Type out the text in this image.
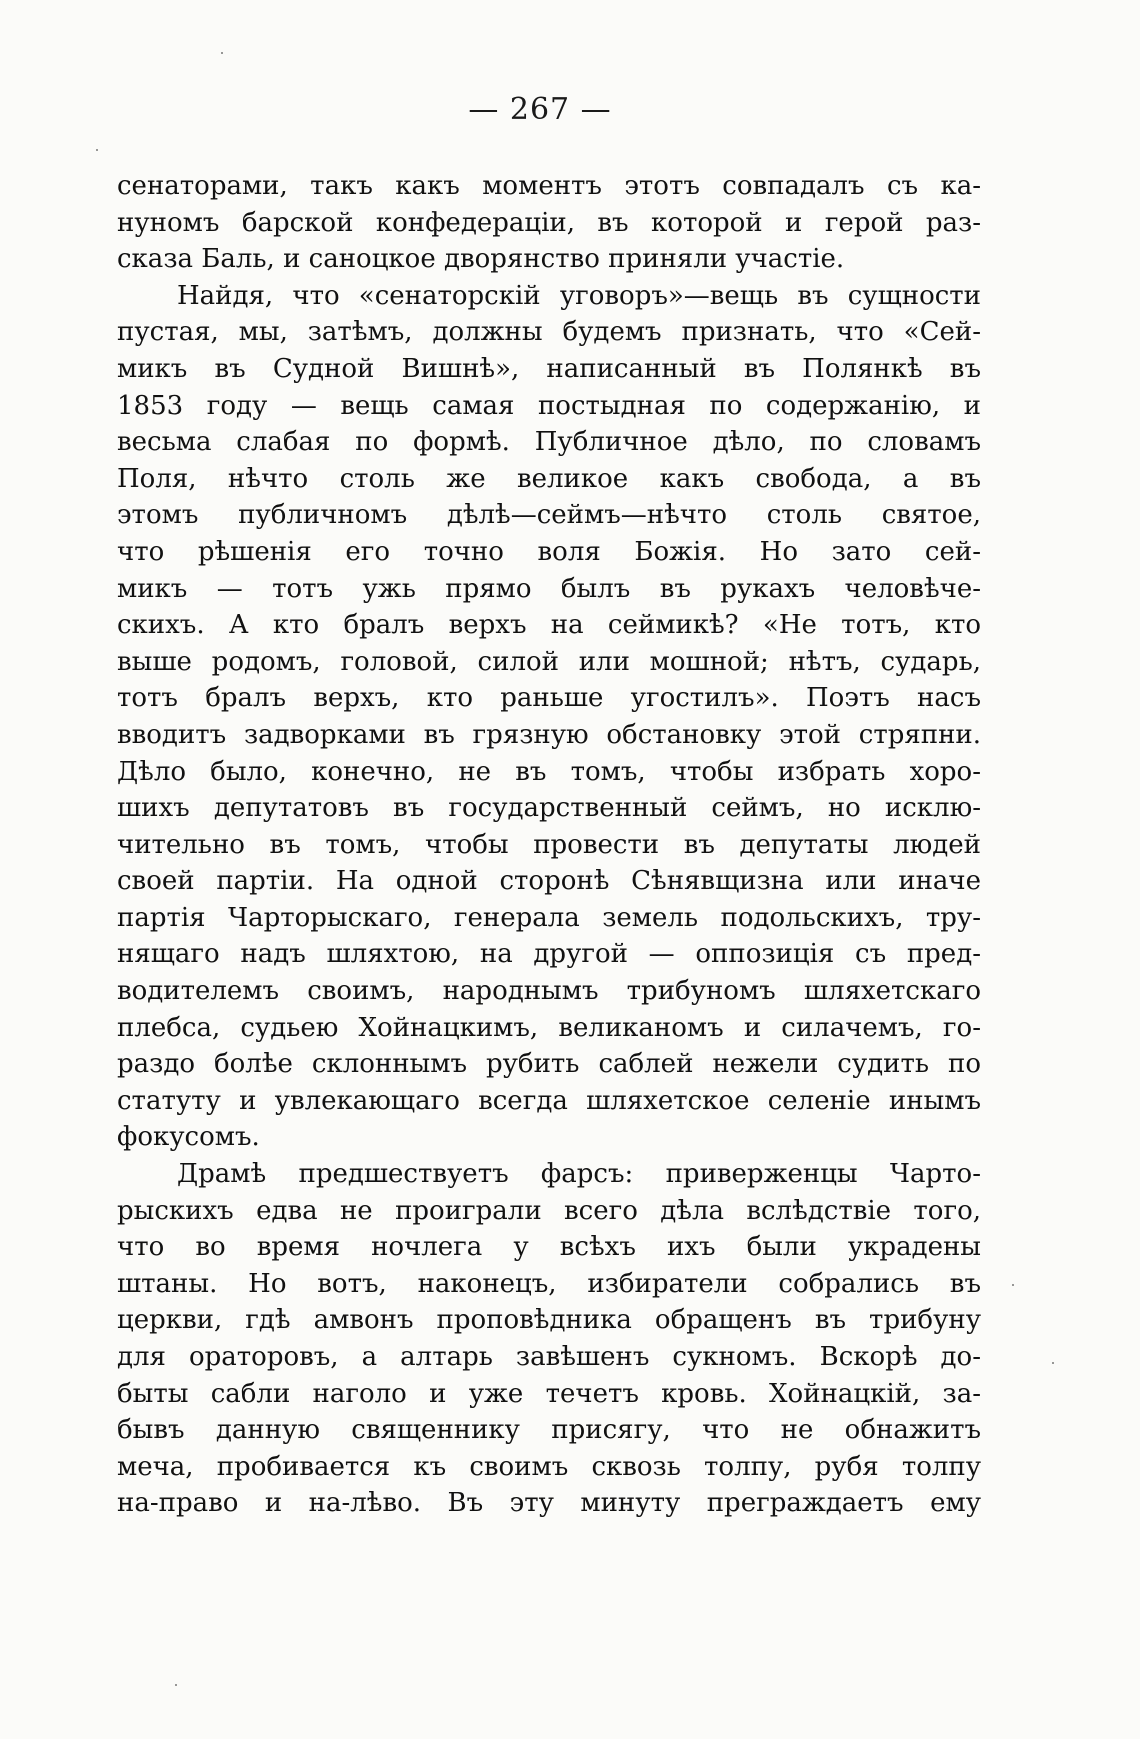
— 267 —
сенаторами, такъ какъ моментъ этотъ совпадалъ съ ка-
нуномъ барской конфедераціи, въ которой и герой раз-
сказа Баль, и саноцкое дворянство приняли участіе.
Найдя, что «сенаторскій уговоръ»—вещь въ сущности
пустая, мы, затѣмъ, должны будемъ признать, что «Сей-
микъ въ Судной Вишнѣ», написанный въ Полянкѣ въ
1853 году — вещь самая постыдная по содержанію, и
весьма слабая по формѣ. Публичное дѣло, по словамъ
Поля, нѣчто столь же великое какъ свобода, а въ
этомъ публичномъ дѣлѣ—сеймъ—нѣчто столь святое,
что рѣшенія его точно воля Божія. Но зато сей-
микъ — тотъ ужь прямо былъ въ рукахъ человѣче-
скихъ. А кто бралъ верхъ на сеймикѣ? «Не тотъ, кто
выше родомъ, головой, силой или мошной; нѣтъ, сударь,
тотъ бралъ верхъ, кто раньше угостилъ». Поэтъ насъ
вводитъ задворками въ грязную обстановку этой стряпни.
Дѣло было, конечно, не въ томъ, чтобы избрать хоро-
шихъ депутатовъ въ государственный сеймъ, но исклю-
чительно въ томъ, чтобы провести въ депутаты людей
своей партіи. На одной сторонѣ Сѣнявщизна или иначе
партія Чарторыскаго, генерала земель подольскихъ, тру-
нящаго надъ шляхтою, на другой — оппозиція съ пред-
водителемъ своимъ, народнымъ трибуномъ шляхетскаго
плебса, судьею Хойнацкимъ, великаномъ и силачемъ, го-
раздо болѣе склоннымъ рубить саблей нежели судить по
статуту и увлекающаго всегда шляхетское селеніе инымъ
фокусомъ.
Драмѣ предшествуетъ фарсъ: приверженцы Чарто-
рыскихъ едва не проиграли всего дѣла вслѣдствіе того,
что во время ночлега у всѣхъ ихъ были украдены
штаны. Но вотъ, наконецъ, избиратели собрались въ
церкви, гдѣ амвонъ проповѣдника обращенъ въ трибуну
для ораторовъ, а алтарь завѣшенъ сукномъ. Вскорѣ до-
быты сабли наголо и уже течетъ кровь. Хойнацкій, за-
бывъ данную священнику присягу, что не обнажитъ
меча, пробивается къ своимъ сквозь толпу, рубя толпу
на-право и на-лѣво. Въ эту минуту преграждаетъ ему
